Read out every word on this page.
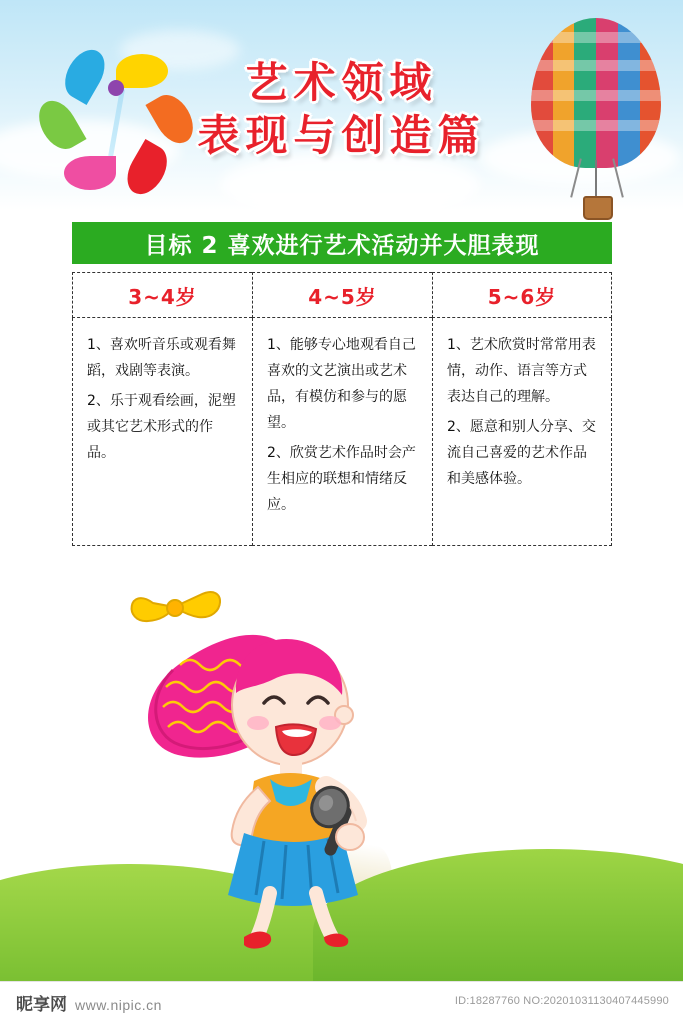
艺术领域
表现与创造篇
目标 2 喜欢进行艺术活动并大胆表现
3~4岁

1、喜欢听音乐或观看舞蹈，戏剧等表演。

2、乐于观看绘画，泥塑或其它艺术形式的作品。

4~5岁

1、能够专心地观看自己喜欢的文艺演出或艺术品，有模仿和参与的愿望。

2、欣赏艺术作品时会产生相应的联想和情绪反应。

5~6岁

1、艺术欣赏时常常用表情，动作、语言等方式表达自己的理解。

2、愿意和别人分享、交流自己喜爱的艺术作品和美感体验。

昵享网 www.nipic.cn	ID:18287760 NO:20201031130407445990
